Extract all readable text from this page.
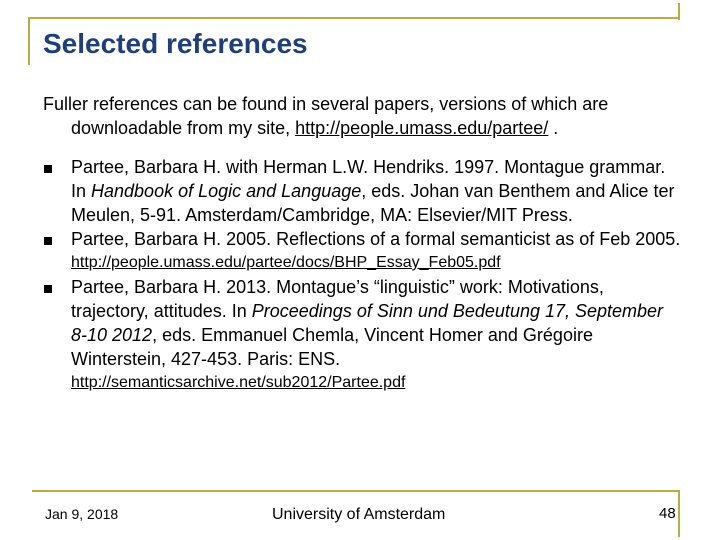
Selected references
Fuller references can be found in several papers, versions of which are
downloadable from my site, http://people.umass.edu/partee/ .
Partee, Barbara H. with Herman L.W. Hendriks. 1997. Montague grammar. In Handbook of Logic and Language, eds. Johan van Benthem and Alice ter Meulen, 5-91. Amsterdam/Cambridge, MA: Elsevier/MIT Press.
Partee, Barbara H. 2005. Reflections of a formal semanticist as of Feb 2005.
http://people.umass.edu/partee/docs/BHP_Essay_Feb05.pdf
Partee, Barbara H. 2013. Montague’s “linguistic” work: Motivations, trajectory, attitudes. In Proceedings of Sinn und Bedeutung 17, September 8-10 2012, eds. Emmanuel Chemla, Vincent Homer and Grégoire Winterstein, 427-453. Paris: ENS.
http://semanticsarchive.net/sub2012/Partee.pdf
Jan 9, 2018	University of Amsterdam	48
